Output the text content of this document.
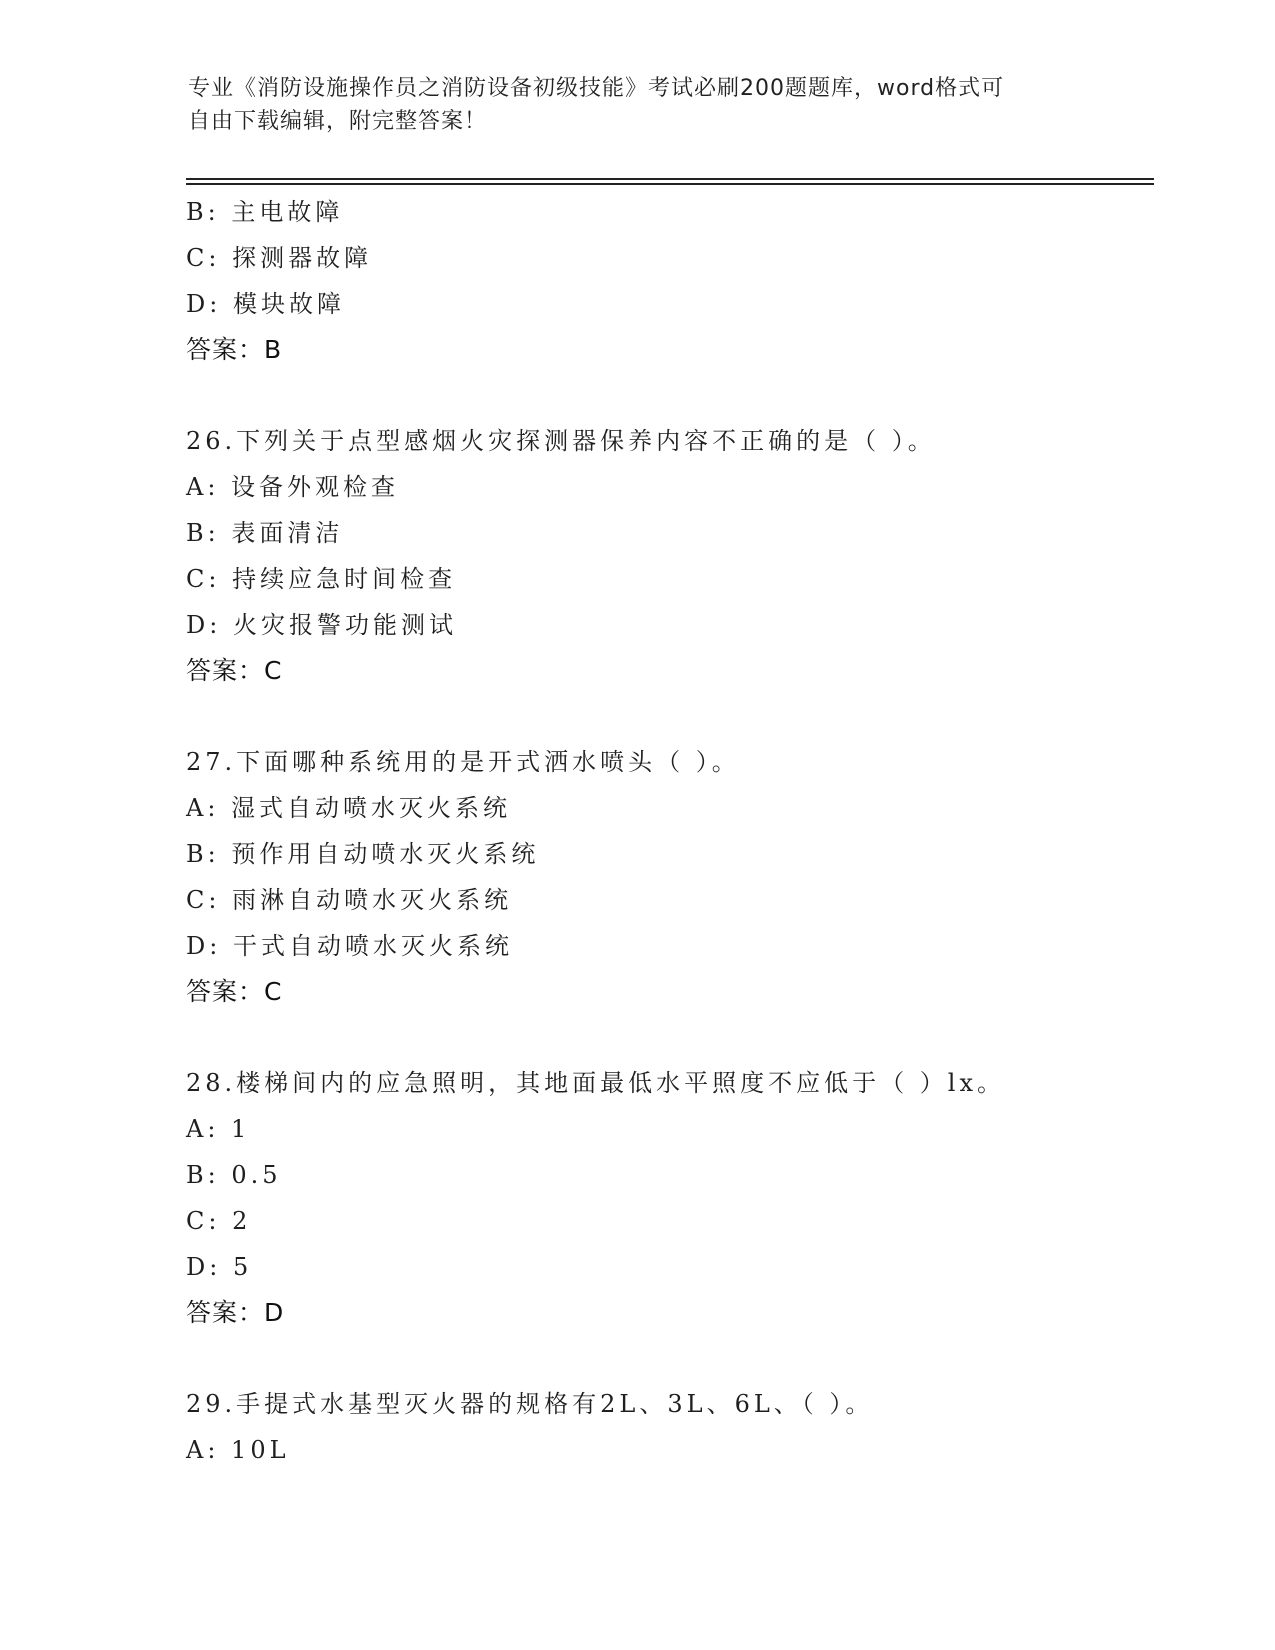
专业《消防设施操作员之消防设备初级技能》考试必刷200题题库，word格式可
自由下载编辑，附完整答案！
B: 主电故障
C: 探测器故障
D: 模块故障
答案：B
26.下列关于点型感烟火灾探测器保养内容不正确的是（ ）。
A: 设备外观检查
B: 表面清洁
C: 持续应急时间检查
D: 火灾报警功能测试
答案：C
27.下面哪种系统用的是开式洒水喷头（ ）。
A: 湿式自动喷水灭火系统
B: 预作用自动喷水灭火系统
C: 雨淋自动喷水灭火系统
D: 干式自动喷水灭火系统
答案：C
28.楼梯间内的应急照明，其地面最低水平照度不应低于（ ）lx。
A: 1
B: 0.5
C: 2
D: 5
答案：D
29.手提式水基型灭火器的规格有2L、3L、6L、（ ）。
A: 10L
